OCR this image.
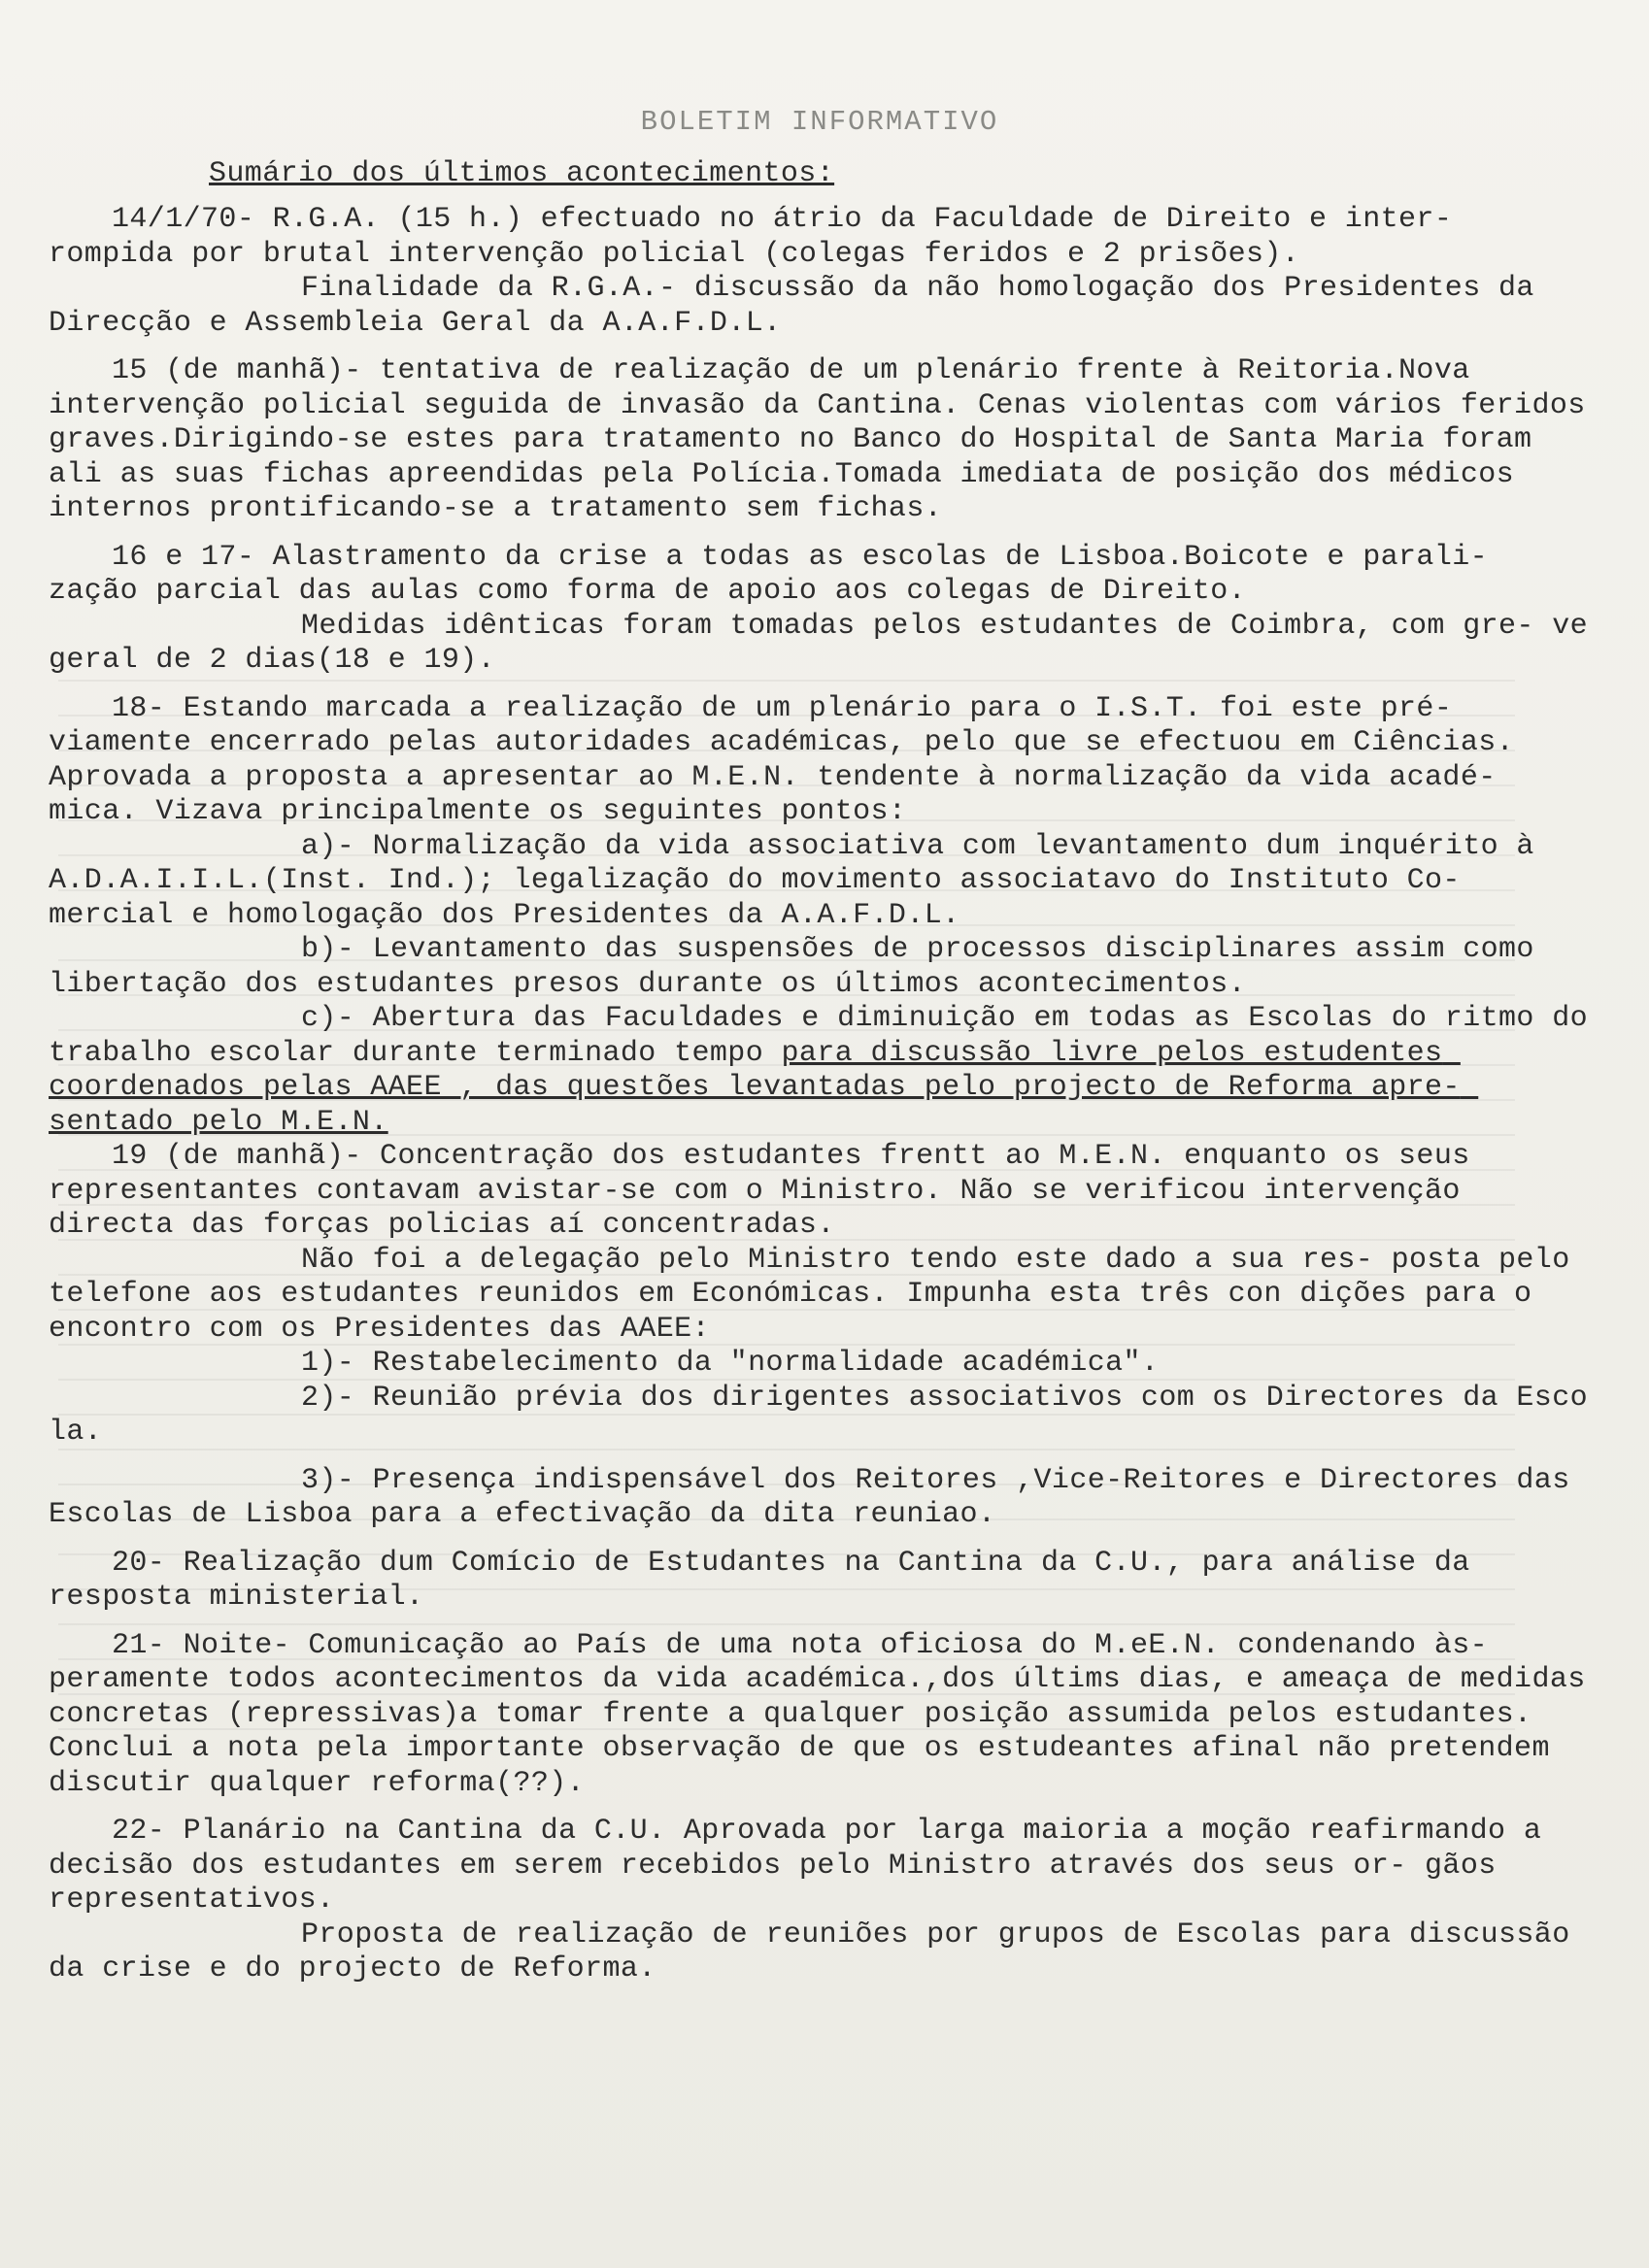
BOLETIM INFORMATIVO
Sumário dos últimos acontecimentos:

14/1/70- R.G.A. (15 h.) efectuado no átrio da Faculdade de Direito e inter- rompida por brutal intervenção policial (colegas feridos e 2 prisões).

Finalidade da R.G.A.- discussão da não homologação dos Presidentes da Direcção e Assembleia Geral da A.A.F.D.L.

15 (de manhã)- tentativa de realização de um plenário frente à Reitoria.Nova intervenção policial seguida de invasão da Cantina. Cenas violentas com vários feridos graves.Dirigindo-se estes para tratamento no Banco do Hospital de Santa Maria foram ali as suas fichas apreendidas pela Polícia.Tomada imediata de posição dos médicos internos prontificando-se a tratamento sem fichas.

16 e 17- Alastramento da crise a todas as escolas de Lisboa.Boicote e parali- zação parcial das aulas como forma de apoio aos colegas de Direito.

Medidas idênticas foram tomadas pelos estudantes de Coimbra, com gre- ve geral de 2 dias(18 e 19).

18- Estando marcada a realização de um plenário para o I.S.T. foi este pré- viamente encerrado pelas autoridades académicas, pelo que se efectuou em Ciências. Aprovada a proposta a apresentar ao M.E.N. tendente à normalização da vida acadé- mica. Vizava principalmente os seguintes pontos:

a)- Normalização da vida associativa com levantamento dum inquérito à A.D.A.I.I.L.(Inst. Ind.); legalização do movimento associatavo do Instituto Co- mercial e homologação dos Presidentes da A.A.F.D.L.

b)- Levantamento das suspensões de processos disciplinares assim como libertação dos estudantes presos durante os últimos acontecimentos.

c)- Abertura das Faculdades e diminuição em todas as Escolas do ritmo do trabalho escolar durante terminado tempo para discussão livre pelos estudentes coordenados pelas AAEE , das questões levantadas pelo projecto de Reforma apre- sentado pelo M.E.N.

19 (de manhã)- Concentração dos estudantes frentt ao M.E.N. enquanto os seus representantes contavam avistar-se com o Ministro. Não se verificou intervenção directa das forças policias aí concentradas.

Não foi a delegação pelo Ministro tendo este dado a sua res- posta pelo telefone aos estudantes reunidos em Económicas. Impunha esta três con dições para o encontro com os Presidentes das AAEE:

1)- Restabelecimento da "normalidade académica".

2)- Reunião prévia dos dirigentes associativos com os Directores da Esco la.

3)- Presença indispensável dos Reitores ,Vice-Reitores e Directores das Escolas de Lisboa para a efectivação da dita reuniao.

20- Realização dum Comício de Estudantes na Cantina da C.U., para análise da resposta ministerial.

21- Noite- Comunicação ao País de uma nota oficiosa do M.eE.N. condenando às- peramente todos acontecimentos da vida académica.,dos últims dias, e ameaça de medidas concretas (repressivas)a tomar frente a qualquer posição assumida pelos estudantes. Conclui a nota pela importante observação de que os estudeantes afinal não pretendem discutir qualquer reforma(??).

22- Planário na Cantina da C.U. Aprovada por larga maioria a moção reafirmando a decisão dos estudantes em serem recebidos pelo Ministro através dos seus or- gãos representativos.

Proposta de realização de reuniões por grupos de Escolas para discussão da crise e do projecto de Reforma.
